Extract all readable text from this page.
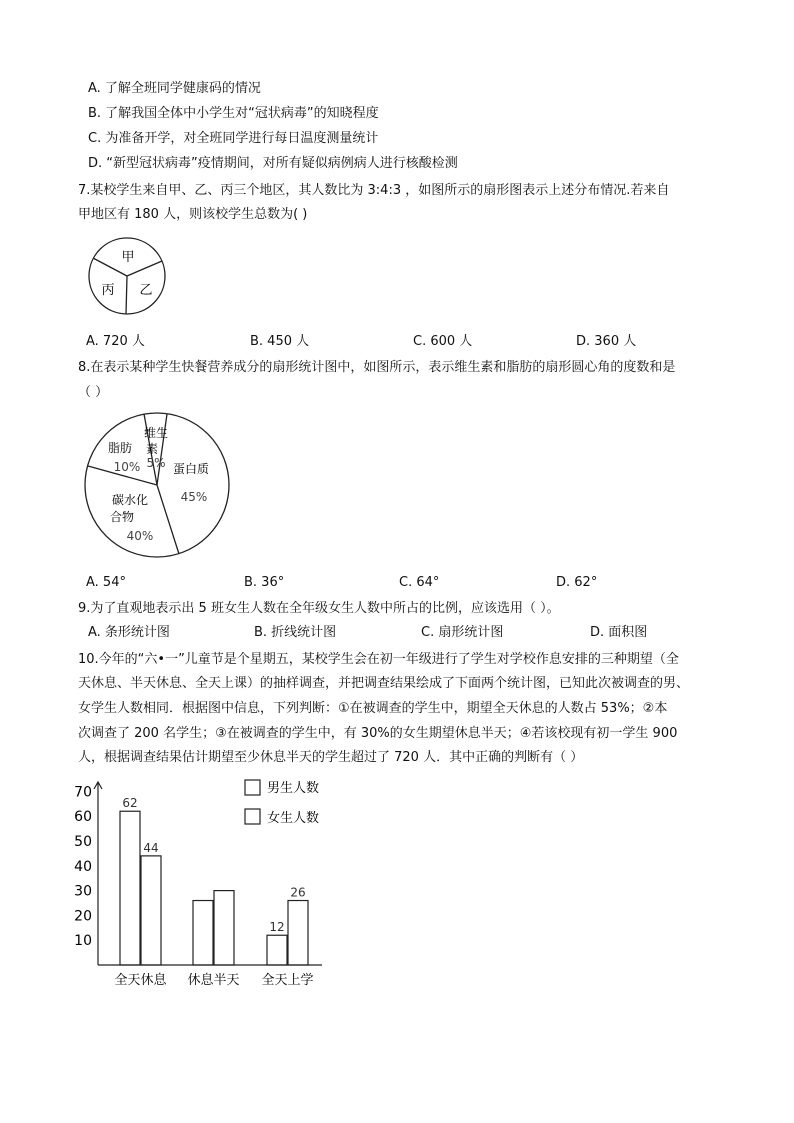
A. 了解全班同学健康码的情况
B. 了解我国全体中小学生对“冠状病毒”的知晓程度
C. 为准备开学，对全班同学进行每日温度测量统计
D. “新型冠状病毒”疫情期间，对所有疑似病例病人进行核酸检测
7.某校学生来自甲、乙、丙三个地区，其人数比为 3:4:3 ，如图所示的扇形图表示上述分布情况.若来自
甲地区有 180 人，则该校学生总数为( )
甲
乙
丙
A. 720 人	B. 450 人	C. 600 人	D. 360 人
8.在表示某种学生快餐营养成分的扇形统计图中，如图所示，表示维生素和脂肪的扇形圆心角的度数和是
（ ）
维生
素
5%
脂肪
10%	蛋白质
45%
碳水化
合物
40%
A. 54°	B. 36°	C. 64°	D. 62°
9.为了直观地表示出 5 班女生人数在全年级女生人数中所占的比例，应该选用（ ）。
A. 条形统计图	B. 折线统计图	C. 扇形统计图	D. 面积图
10.今年的“六•一”儿童节是个星期五，某校学生会在初一年级进行了学生对学校作息安排的三种期望（全
天休息、半天休息、全天上课）的抽样调查，并把调查结果绘成了下面两个统计图，已知此次被调查的男、
女学生人数相同．根据图中信息，下列判断：①在被调查的学生中，期望全天休息的人数占 53%；②本
次调查了 200 名学生；③在被调查的学生中，有 30%的女生期望休息半天；④若该校现有初一学生 900
人，根据调查结果估计期望至少休息半天的学生超过了 720 人．其中正确的判断有（ ）
62
44
12
26
10
20
30
40
50
60
70
全天休息 休息半天 全天上学
男生人数
女生人数
